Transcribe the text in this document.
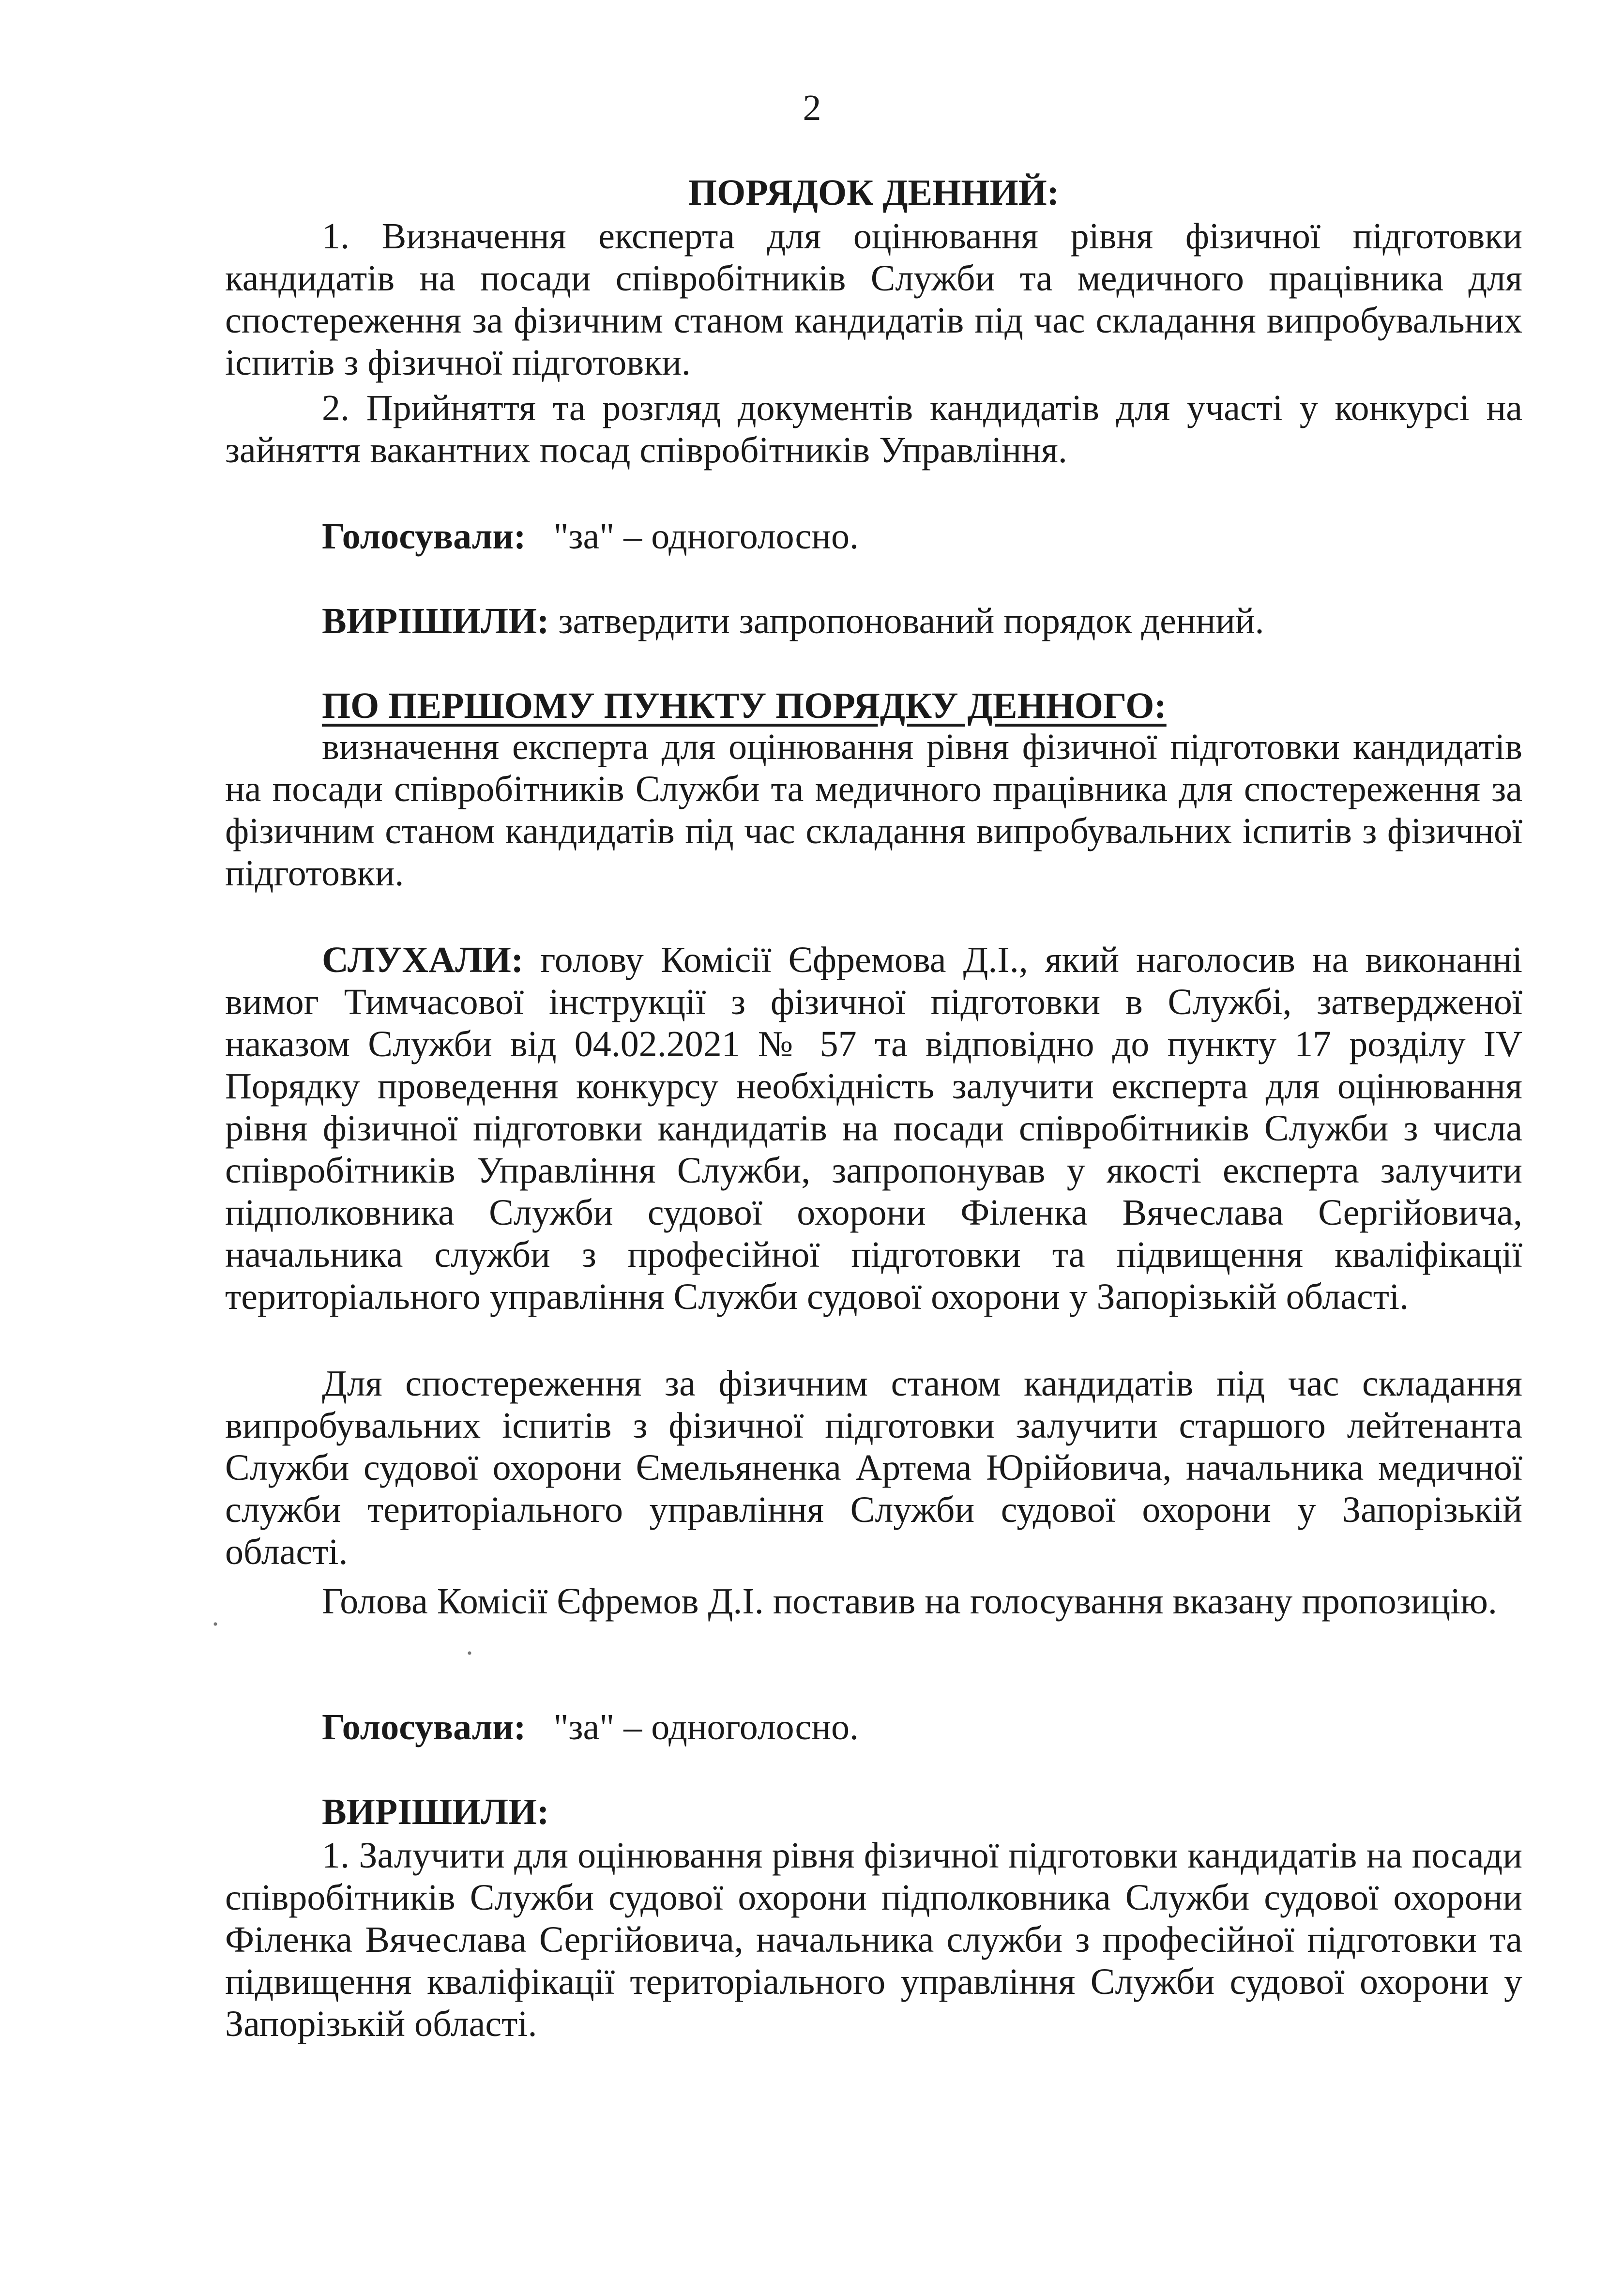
2
ПОРЯДОК ДЕННИЙ:
1. Визначення експерта для оцінювання рівня фізичної підготовки кандидатів на посади співробітників Служби та медичного працівника для спостереження за фізичним станом кандидатів під час складання випробувальних іспитів з фізичної підготовки.
2. Прийняття та розгляд документів кандидатів для участі у конкурсі на зайняття вакантних посад співробітників Управління.
Голосували: "за" – одноголосно.
ВИРІШИЛИ: затвердити запропонований порядок денний.
ПО ПЕРШОМУ ПУНКТУ ПОРЯДКУ ДЕННОГО:
визначення експерта для оцінювання рівня фізичної підготовки кандидатів на посади співробітників Служби та медичного працівника для спостереження за фізичним станом кандидатів під час складання випробувальних іспитів з фізичної підготовки.
СЛУХАЛИ: голову Комісії Єфремова Д.І., який наголосив на виконанні вимог Тимчасової інструкції з фізичної підготовки в Службі, затвердженої наказом Служби від 04.02.2021 № 57 та відповідно до пункту 17 розділу IV Порядку проведення конкурсу необхідність залучити експерта для оцінювання рівня фізичної підготовки кандидатів на посади співробітників Служби з числа співробітників Управління Служби, запропонував у якості експерта залучити підполковника Служби судової охорони Філенка Вячеслава Сергійовича, начальника служби з професійної підготовки та підвищення кваліфікації територіального управління Служби судової охорони у Запорізькій області.
Для спостереження за фізичним станом кандидатів під час складання випробувальних іспитів з фізичної підготовки залучити старшого лейтенанта Служби судової охорони Ємельяненка Артема Юрійовича, начальника медичної служби територіального управління Служби судової охорони у Запорізькій області.
Голова Комісії Єфремов Д.І. поставив на голосування вказану пропозицію.
Голосували: "за" – одноголосно.
ВИРІШИЛИ:
1. Залучити для оцінювання рівня фізичної підготовки кандидатів на посади співробітників Служби судової охорони підполковника Служби судової охорони Філенка Вячеслава Сергійовича, начальника служби з професійної підготовки та підвищення кваліфікації територіального управління Служби судової охорони у Запорізькій області.
·
·
